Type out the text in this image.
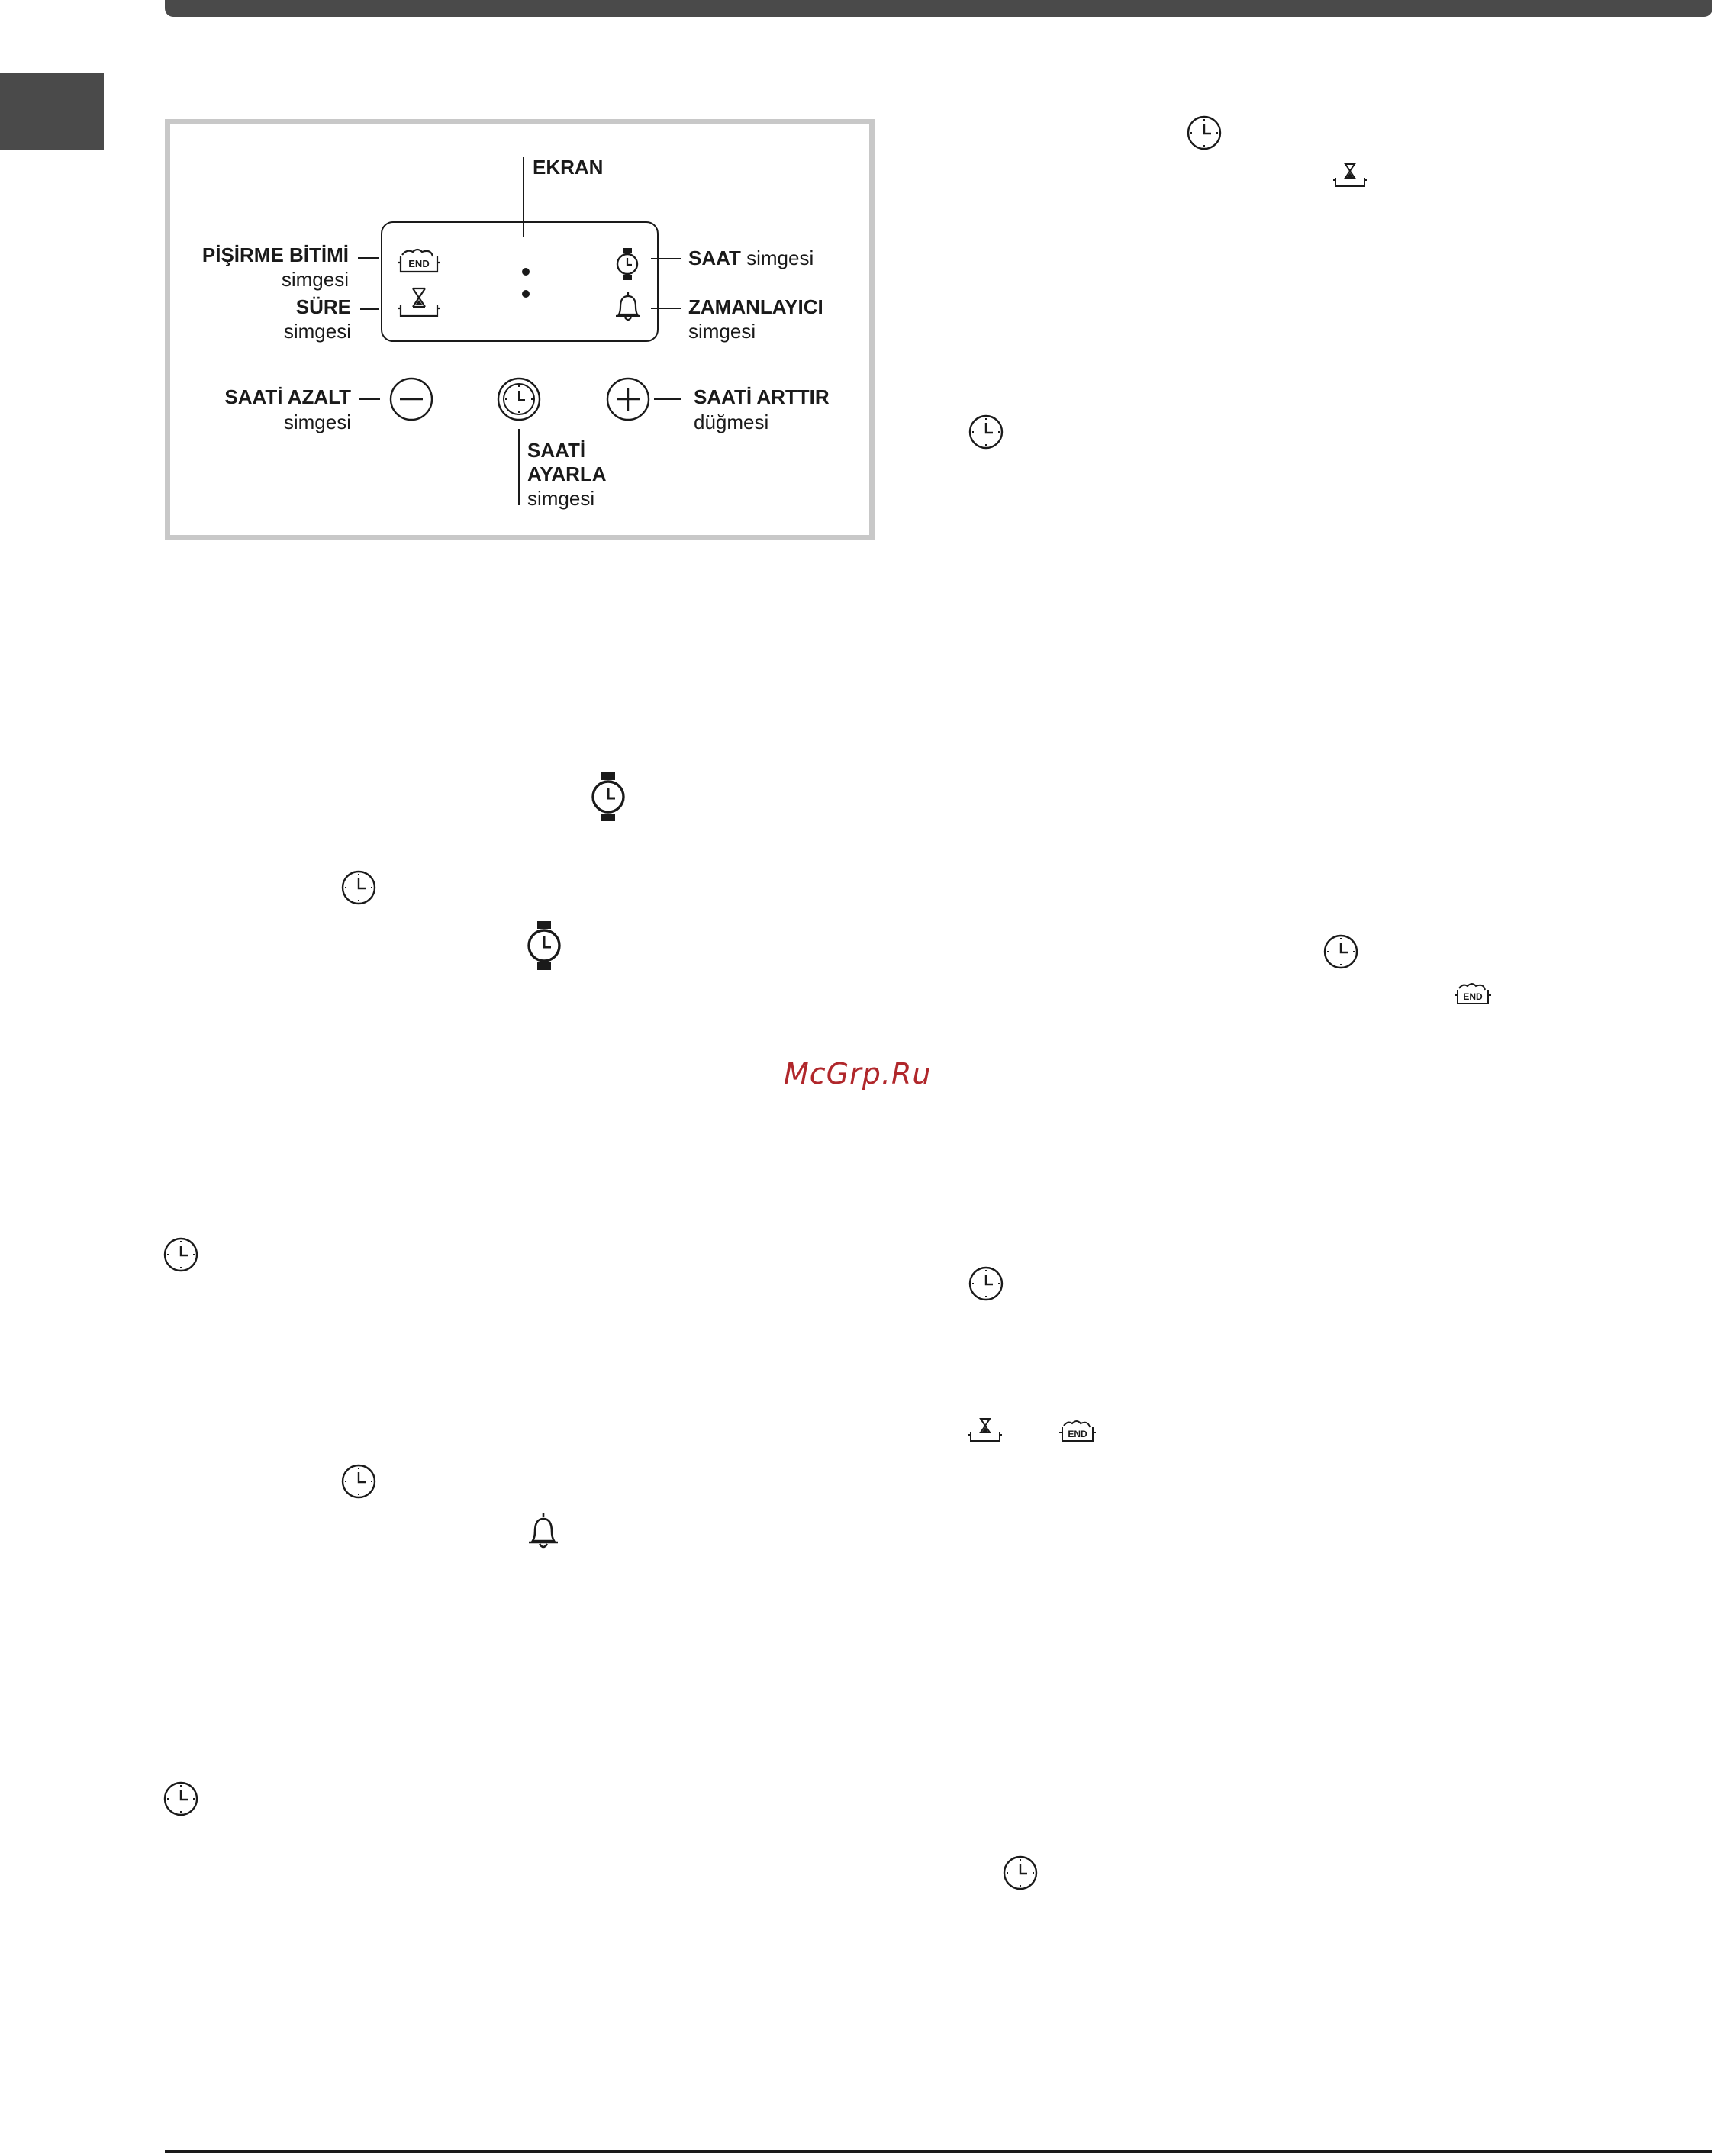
EKRAN
PİŞİRME BİTİMİ
simgesi
SÜRE
simgesi
SAAT simgesi
ZAMANLAYICI
simgesi
SAATİ AZALT
simgesi
SAATİ ARTTIR
düğmesi
SAATİ
AYARLA
simgesi
END
END
McGrp.Ru
END
